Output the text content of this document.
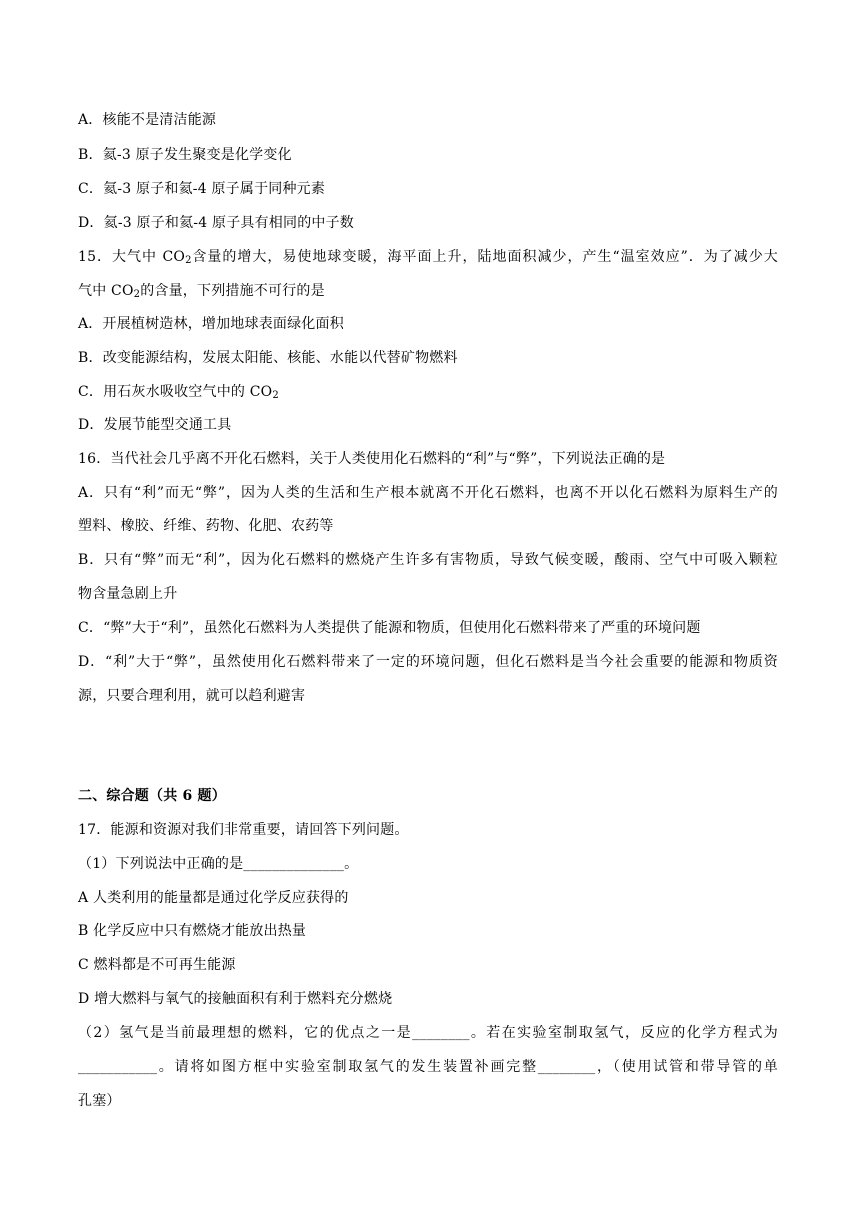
A．核能不是清洁能源
B．氦-3 原子发生聚变是化学变化
C．氦-3 原子和氦-4 原子属于同种元素
D．氦-3 原子和氦-4 原子具有相同的中子数
15．大气中 $CO_2$含量的增大，易使地球变暖，海平面上升，陆地面积减少，产生“温室效应”．为了减少大
气中 $CO_2$的含量，下列措施不可行的是
A．开展植树造林，增加地球表面绿化面积
B．改变能源结构，发展太阳能、核能、水能以代替矿物燃料
C．用石灰水吸收空气中的 $CO_2$
D．发展节能型交通工具
16．当代社会几乎离不开化石燃料，关于人类使用化石燃料的“利”与“弊”，下列说法正确的是
A．只有“利”而无“弊”，因为人类的生活和生产根本就离不开化石燃料，也离不开以化石燃料为原料生产的
塑料、橡胶、纤维、药物、化肥、农药等
B．只有“弊”而无“利”，因为化石燃料的燃烧产生许多有害物质，导致气候变暖，酸雨、空气中可吸入颗粒
物含量急剧上升
C．“弊”大于“利”，虽然化石燃料为人类提供了能源和物质，但使用化石燃料带来了严重的环境问题
D．“利”大于“弊”，虽然使用化石燃料带来了一定的环境问题，但化石燃料是当今社会重要的能源和物质资
源，只要合理利用，就可以趋利避害
二、综合题（共 6 题）
17．能源和资源对我们非常重要，请回答下列问题。
（1）下列说法中正确的是______________。
A 人类利用的能量都是通过化学反应获得的
B 化学反应中只有燃烧才能放出热量
C 燃料都是不可再生能源
D 增大燃料与氧气的接触面积有利于燃料充分燃烧
（2）氢气是当前最理想的燃料，它的优点之一是________。若在实验室制取氢气，反应的化学方程式为
___________。请将如图方框中实验室制取氢气的发生装置补画完整________，（使用试管和带导管的单
孔塞）
